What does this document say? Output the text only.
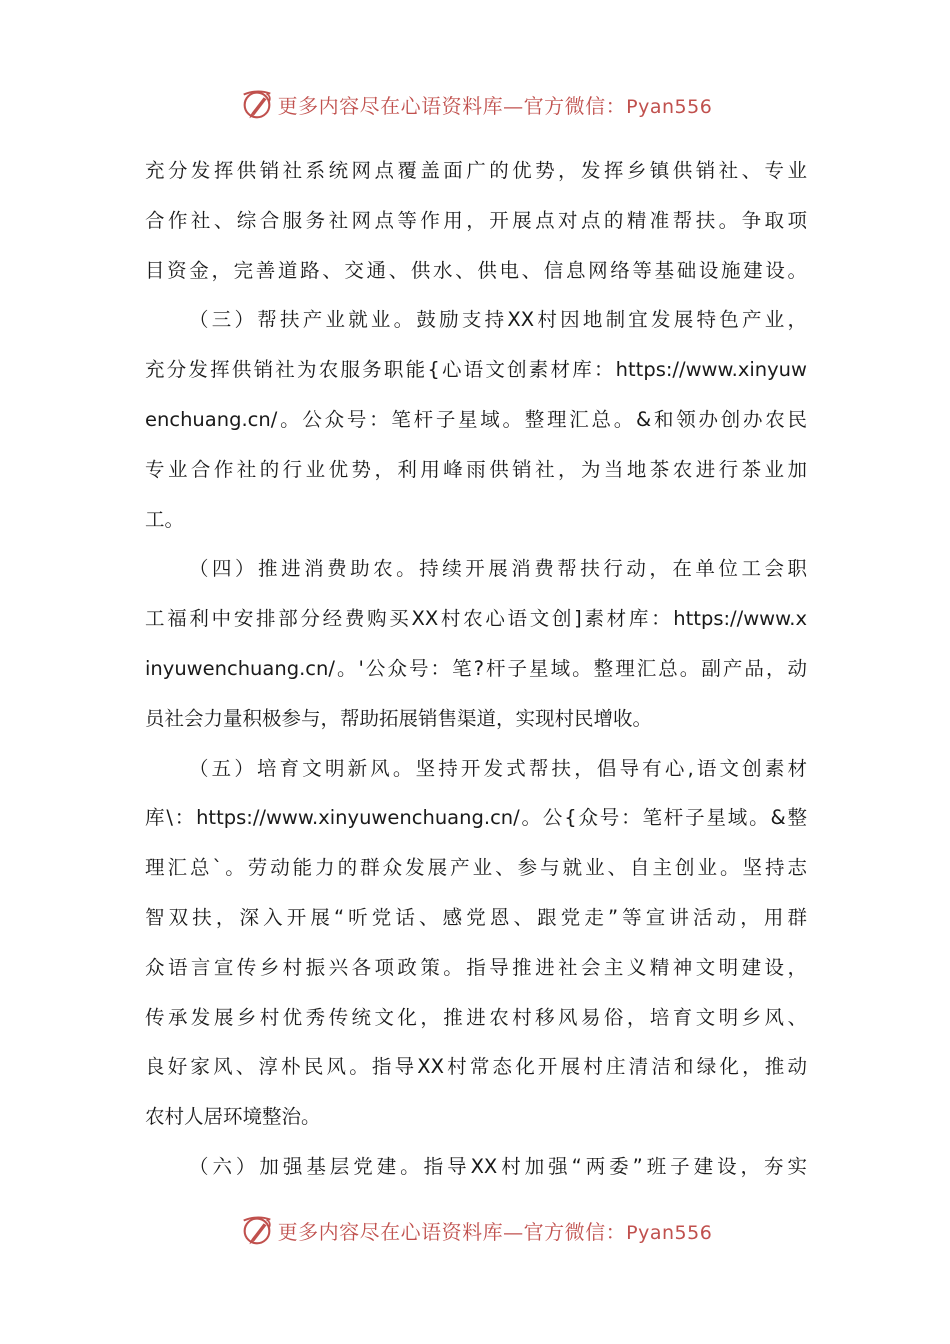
更多内容尽在心语资料库—官方微信：Pyan556
充分发挥供销社系统网点覆盖面广的优势，发挥乡镇供销社、专业
合作社、综合服务社网点等作用，开展点对点的精准帮扶。争取项
目资金，完善道路、交通、供水、供电、信息网络等基础设施建设。
（三）帮扶产业就业。鼓励支持XX村因地制宜发展特色产业，
充分发挥供销社为农服务职能{心语文创素材库：https://www.xinyuw
enchuang.cn/。公众号：笔杆子星域。整理汇总。&和领办创办农民
专业合作社的行业优势，利用峰雨供销社，为当地茶农进行茶业加
工。
（四）推进消费助农。持续开展消费帮扶行动，在单位工会职
工福利中安排部分经费购买XX村农心语文创]素材库：https://www.x
inyuwenchuang.cn/。'公众号：笔?杆子星域。整理汇总。副产品，动
员社会力量积极参与，帮助拓展销售渠道，实现村民增收。
（五）培育文明新风。坚持开发式帮扶，倡导有心,语文创素材
库\：https://www.xinyuwenchuang.cn/。公{众号：笔杆子星域。&整
理汇总`。劳动能力的群众发展产业、参与就业、自主创业。坚持志
智双扶，深入开展“听党话、感党恩、跟党走”等宣讲活动，用群
众语言宣传乡村振兴各项政策。指导推进社会主义精神文明建设，
传承发展乡村优秀传统文化，推进农村移风易俗，培育文明乡风、
良好家风、淳朴民风。指导XX村常态化开展村庄清洁和绿化，推动
农村人居环境整治。
（六）加强基层党建。指导XX村加强“两委”班子建设，夯实
更多内容尽在心语资料库—官方微信：Pyan556
